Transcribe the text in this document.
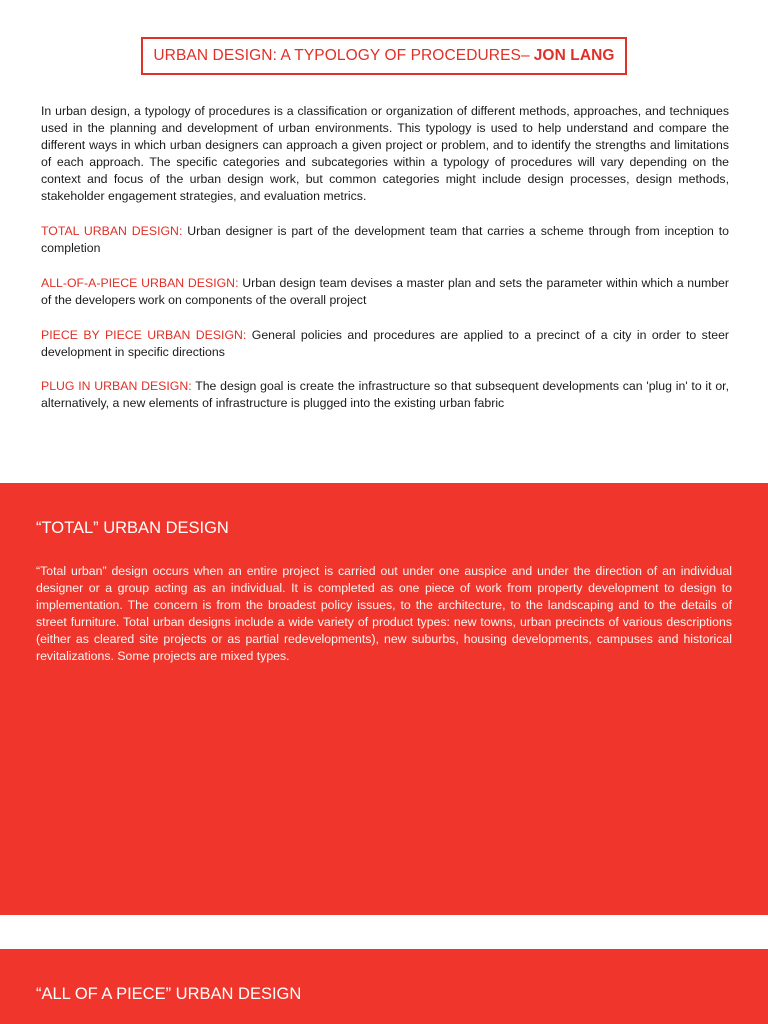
URBAN DESIGN: A TYPOLOGY OF PROCEDURES – JON LANG

In urban design, a typology of procedures is a classification or organization of different methods, approaches, and techniques used in the planning and development of urban environments. This typology is used to help understand and compare the different ways in which urban designers can approach a given project or problem, and to identify the strengths and limitations of each approach. The specific categories and subcategories within a typology of procedures will vary depending on the context and focus of the urban design work, but common categories might include design processes, design methods, stakeholder engagement strategies, and evaluation metrics.

TOTAL URBAN DESIGN: Urban designer is part of the development team that carries a scheme through from inception to completion
ALL-OF-A-PIECE URBAN DESIGN: Urban design team devises a master plan and sets the parameter within which a number of the developers work on components of the overall project
PIECE BY PIECE URBAN DESIGN: General policies and procedures are applied to a precinct of a city in order to steer development in specific directions
PLUG IN URBAN DESIGN: The design goal is create the infrastructure so that subsequent developments can 'plug in' to it or, alternatively, a new elements of infrastructure is plugged into the existing urban fabric
“TOTAL” URBAN DESIGN
“Total urban” design occurs when an entire project is carried out under one auspice and under the direction of an individual designer or a group acting as an individual. It is completed as one piece of work from property development to design to implementation. The concern is from the broadest policy issues, to the architecture, to the landscaping and to the details of street furniture. Total urban designs include a wide variety of product types: new towns, urban precincts of various descriptions (either as cleared site projects or as partial redevelopments), new suburbs, housing developments, campuses and historical revitalizations. Some projects are mixed types.
“ALL OF A PIECE” URBAN DESIGN
